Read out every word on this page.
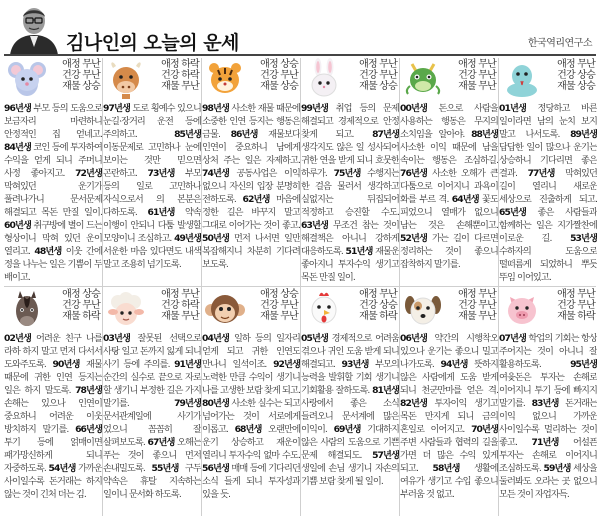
김나인의 오늘의 운세	한국역리연구소
애정 무난
건강 무난
재물 상승
96년생 부모 등의 도움으로 보금자리 마련하니 안정적인 집 얻네고. 84년생 코인 등에 투자하여 수익을 얻게 되니 주머니 사정 좋아지고. 72년생 막혀있던 운기가 풀려나가니 문서문제 해결되고 목돈 만질 일이. 60년생 취구방에 별이 드는 형상이니 막혀 있던 운이 열리고. 48년생 이웃 간에 정을 나누는 일은 기쁨이 두 배이고.
애정 하락
건강 하락
재물 무난
97년생 도로 횡예수 있으니 눈길·장거리 운전 등에 주의하고. 85년생 이동문제로 고민하나 눈에 보이는 것만 믿으면 곤란하고. 73년생 부모 등의 일로 고민하나 자식으로서 의 본분은 다하도록. 61년생 약속 이행이 안되니 다툼 발생할 모양이니 조심하고. 49년생 서운한 마음 있다면도 내색 말고 조용히 넘기도록.
애정 상승
건강 무난
재물 상승
98년생 사소한 재물 때문에 소중한 인연 등지는 행동은 금물. 86년생 재물보다 인연이 중요하니 남에게 상처 주는 일은 자제하고. 74년생 공동사업은 이익 없으니 자신의 입장 분명히 전하도록. 62년생 마음에 정한 길은 바꾸지 말고 그대로 이어가는 것이 좋고. 50년생 먼저 나서면 일만 복잡해지니 차분히 기다려 보도록.
애정 무난
건강 무난
재물 상승
99년생 취업 등의 문제 해결되고 경제적으로 안정 찾게 되고. 87년생 생각지도 않은 일 성사되어 귀한 연을 받게 되니 흐뭇한 하루가. 75년생 수행지는 한 걸음 물러서 생각하고 실없지는 뒤집되어 적정하고 승진할 수도. 63년생 무조건 참는 것이 해결책은 아니니 강하게 대응하도록. 51년생 재물운 좋아지니 투자수익 생기고 목돈 만질 일이.
애정 무난
건강 무난
재물 무난
00년생 돈으로 사람을 사용하는 행동은 무지의 소치임을 알아야. 88년생 사소한 이익 때문에 남을 속이는 행동은 조심하길. 76년생 사소한 오해가 큰 다툼으로 이어지니 과욕이 화를 부르 격. 64년생 꽃도 피었으니 열매가 없으니 남는 것은 손해뿐이고. 52년생 가는 길이 다르면 정리하는 것이 좋으니 잡착하지 말기를.
애정 무난
건강 상승
재물 상승
01년생 정당하고 바른 일이라면 남의 눈치 보지 말고 나서도록. 89년생 답답한 일이 많으나 운기는 상승하니 기다리면 좋은 결과. 77년생 막혀있던 길이 열리니 새로운 세상으로 진출하게 되고. 65년생 좋은 사람들과 함께하는 일은 지가짤찬에 이로운 길. 53년생 수하자의 도움으로 떨떠름게 되었하니 뿌듯 뚜임 이어있고.
애정 상승
건강 무난
재물 하락
02년생 어려운 친구 나를 라하 하지 말고 먼저 다서서 도와주도록. 90년생 재물 때문에 귀한 인연 등지는 일은 하지 말도록. 78년생 손해는 있으나 인연이 중요하니 어려운 이웃 방치하지 말기를. 66년생 투기 등에 얽매이면 패가망신하게 되니 자중하도록. 54년생 가까운 사이일수록 돈거래는 하지 않는 것이 긴처 더는 김.
애정 무난
건강 하락
재물 무난
03년생 잘못된 선택으로 사탕 일고 돈까지 잃게 되니 사기 등에 주의를. 91년생 순간의 실수로 끝으로 자로 할 생기니 부정한 길은 가지 말기를. 79년생 문서관계일에 사기가 었으니 꼼꼼히 잘 살펴보도록. 67년생 오해는 푸는 것이 좋으니 먼저 손내밀도록. 55년생 구두 약속은 휴탈 지속하는 일이니 문서화 하도록.
애정 상승
건강 무난
재물 무난
04년생 일하 등의 일자리 얻게 되고 귀한 인연도 만나니 일석이조. 92년생 노력한 만큼 수익이 생기니 나를 고생한 보람 찾게 되고. 80년생 사소한 실수는 되고 넘어가는 것이 서로에게 이롭고. 68년생 오랜만에 운기 상승하고 재운이 열리니 투자수익 없마 수도. 56년생 매매 등에 기다리던 소식 들게 되니 투자성과 있을 듯.
애정 무난
건강 상승
재물 하락
05년생 경제적으로 어려움 겪으나 귀인 도움 받게 되니 해결되고. 93년생 부모의 능력을 발휘할 기회 생기니 기회활용 잘하도록. 81년생 사랑에서 좋은 소식 들려오니 문서계에 많은 이익이. 69년생 기대하지 않은 사람의 도움으로 기쁜 문제 해결되도. 57년생 생일에 손님 생기니 자손의 기쁨 보람 찾게 될 일이.
애정 무난
건강 무난
재물 무난
06년생 약간의 시행착오 있으나 운기는 좋으니 밀고 나가도록. 94년생 뜻하지 않은 사람에게 도움 받게 되니 천군만마를 얻은 격. 82년생 투자이익 생기고 목돈 만지게 되니 금의 혼일로 이어지고. 70년생 주변 사람들과 협력의 길을 가면 더 많은 수익 있게 되고. 58년생 생활에 여유가 생기고 수입 좋으니 부러움 것 없고.
애정 무난
건강 무난
재물 하락
07년생 학업의 기회는 항상 주어지는 것이 아니니 잘 활용하도록. 95년생 여윳돈은 투자는 손해로 이어지니 투기 등에 빠지지 말기를. 83년생 돈거래는 이익 없으니 가까운 사이일수록 멀리하는 것이 좋고. 71년생 어설픈 투자는 손해로 이어지니 조심하도록. 59년생 세상을 둘러봐도 오라는 곳 없으니 모든 것이 자업자득.
